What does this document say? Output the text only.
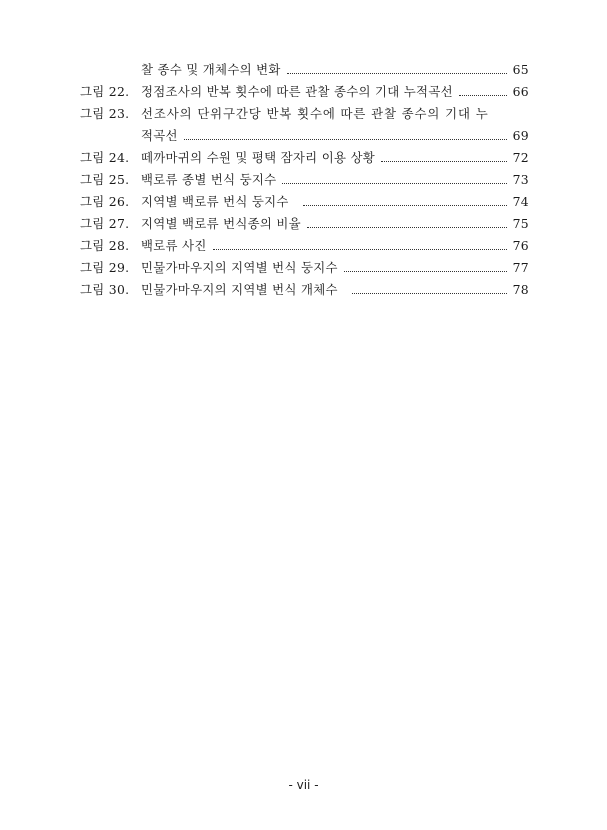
찰 종수 및 개체수의 변화	65
그림 22. 정점조사의 반복 횟수에 따른 관찰 종수의 기대 누적곡선	66
그림 23. 선조사의 단위구간당 반복 횟수에 따른 관찰 종수의 기대 누
적곡선	69
그림 24. 떼까마귀의 수원 및 평택 잠자리 이용 상황	72
그림 25. 백로류 종별 번식 둥지수	73
그림 26. 지역별 백로류 번식 둥지수	74
그림 27. 지역별 백로류 번식종의 비율	75
그림 28. 백로류 사진	76
그림 29. 민물가마우지의 지역별 번식 둥지수	77
그림 30. 민물가마우지의 지역별 번식 개체수	78
- vii -
